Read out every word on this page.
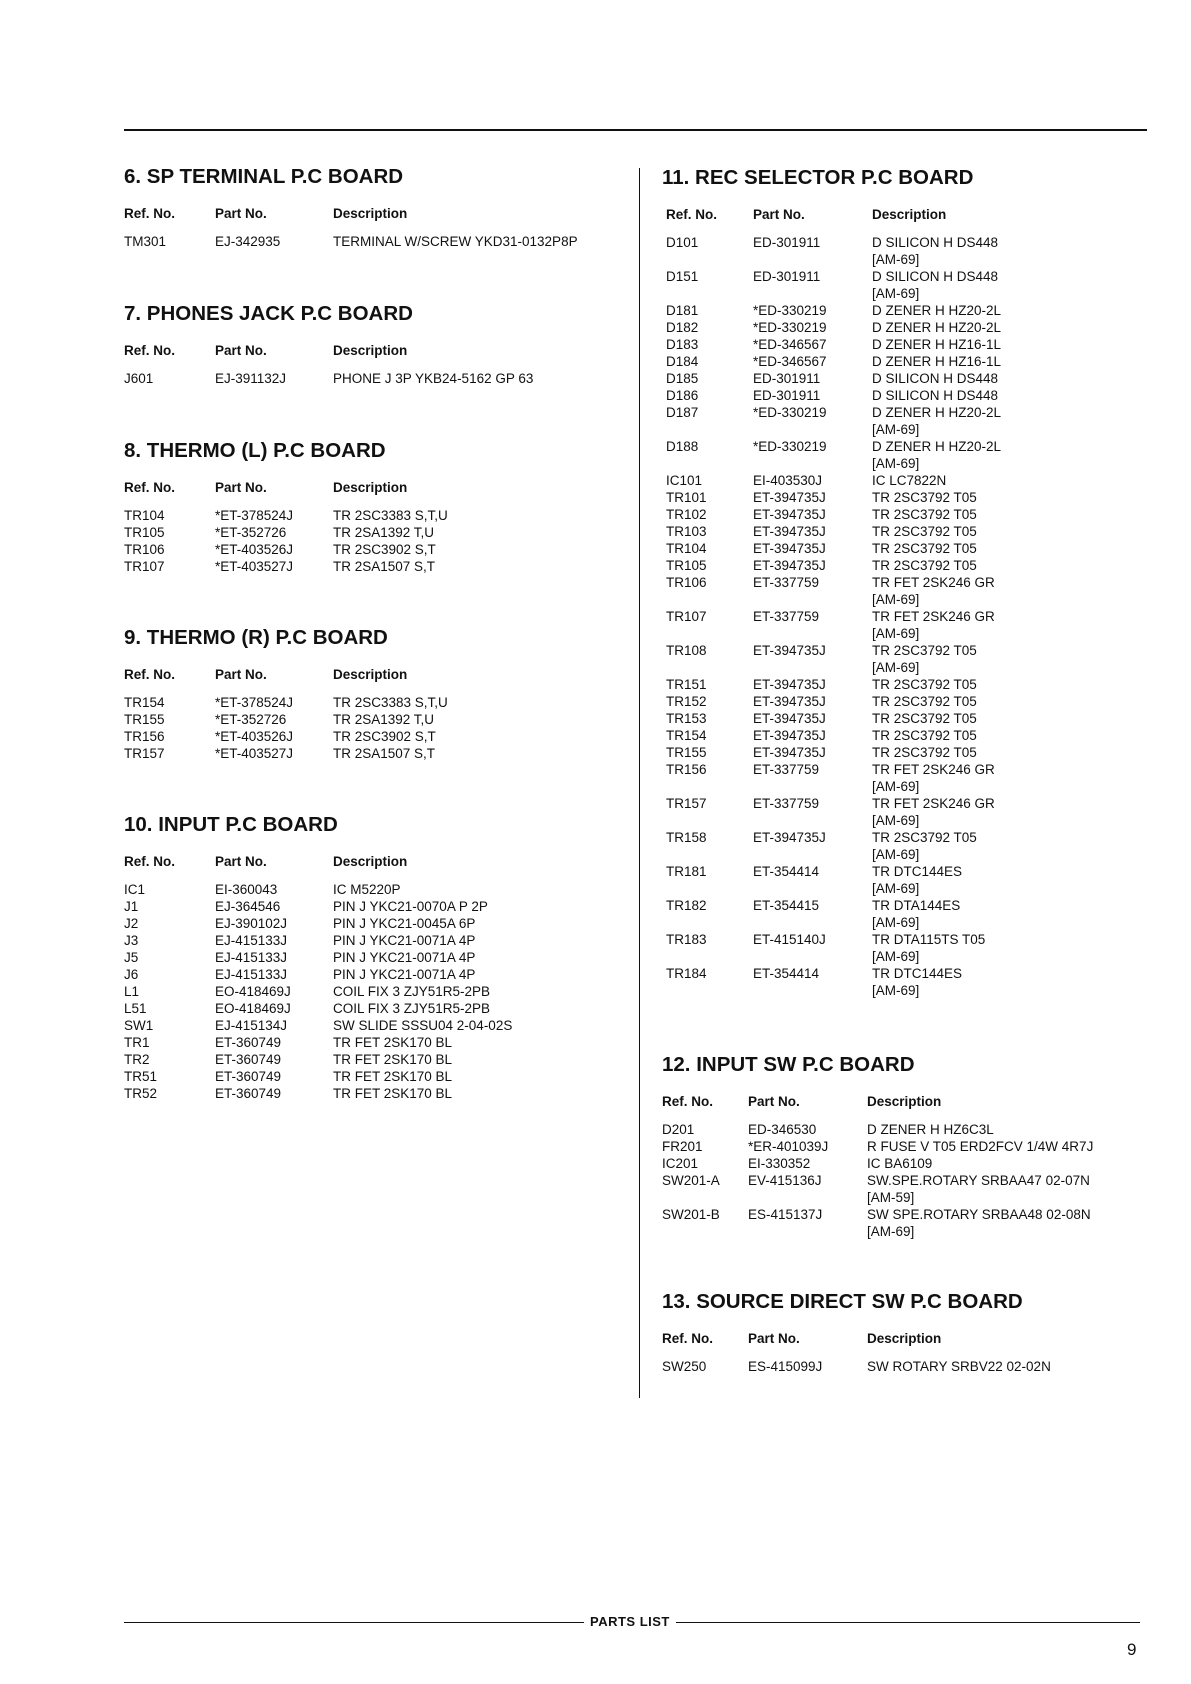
6. SP TERMINAL P.C BOARD
Ref. No.	Part No.	Description
TM301	EJ-342935	TERMINAL W/SCREW YKD31-0132P8P
7. PHONES JACK P.C BOARD
Ref. No.	Part No.	Description
J601	EJ-391132J	PHONE J 3P YKB24-5162 GP 63
8. THERMO (L) P.C BOARD
Ref. No.	Part No.	Description
TR104	*ET-378524J	TR 2SC3383 S,T,U
TR105	*ET-352726	TR 2SA1392 T,U
TR106	*ET-403526J	TR 2SC3902 S,T
TR107	*ET-403527J	TR 2SA1507 S,T
9. THERMO (R) P.C BOARD
Ref. No.	Part No.	Description
TR154	*ET-378524J	TR 2SC3383 S,T,U
TR155	*ET-352726	TR 2SA1392 T,U
TR156	*ET-403526J	TR 2SC3902 S,T
TR157	*ET-403527J	TR 2SA1507 S,T
10. INPUT P.C BOARD
Ref. No.	Part No.	Description
IC1	EI-360043	IC M5220P
J1	EJ-364546	PIN J YKC21-0070A P 2P
J2	EJ-390102J	PIN J YKC21-0045A 6P
J3	EJ-415133J	PIN J YKC21-0071A 4P
J5	EJ-415133J	PIN J YKC21-0071A 4P
J6	EJ-415133J	PIN J YKC21-0071A 4P
L1	EO-418469J	COIL FIX 3 ZJY51R5-2PB
L51	EO-418469J	COIL FIX 3 ZJY51R5-2PB
SW1	EJ-415134J	SW SLIDE SSSU04 2-04-02S
TR1	ET-360749	TR FET 2SK170 BL
TR2	ET-360749	TR FET 2SK170 BL
TR51	ET-360749	TR FET 2SK170 BL
TR52	ET-360749	TR FET 2SK170 BL
11. REC SELECTOR P.C BOARD
Ref. No.	Part No.	Description
D101	ED-301911	D SILICON H DS448
[AM-69]
D151	ED-301911	D SILICON H DS448
[AM-69]
D181	*ED-330219	D ZENER H HZ20-2L
D182	*ED-330219	D ZENER H HZ20-2L
D183	*ED-346567	D ZENER H HZ16-1L
D184	*ED-346567	D ZENER H HZ16-1L
D185	ED-301911	D SILICON H DS448
D186	ED-301911	D SILICON H DS448
D187	*ED-330219	D ZENER H HZ20-2L
[AM-69]
D188	*ED-330219	D ZENER H HZ20-2L
[AM-69]
IC101	EI-403530J	IC LC7822N
TR101	ET-394735J	TR 2SC3792 T05
TR102	ET-394735J	TR 2SC3792 T05
TR103	ET-394735J	TR 2SC3792 T05
TR104	ET-394735J	TR 2SC3792 T05
TR105	ET-394735J	TR 2SC3792 T05
TR106	ET-337759	TR FET 2SK246 GR
[AM-69]
TR107	ET-337759	TR FET 2SK246 GR
[AM-69]
TR108	ET-394735J	TR 2SC3792 T05
[AM-69]
TR151	ET-394735J	TR 2SC3792 T05
TR152	ET-394735J	TR 2SC3792 T05
TR153	ET-394735J	TR 2SC3792 T05
TR154	ET-394735J	TR 2SC3792 T05
TR155	ET-394735J	TR 2SC3792 T05
TR156	ET-337759	TR FET 2SK246 GR
[AM-69]
TR157	ET-337759	TR FET 2SK246 GR
[AM-69]
TR158	ET-394735J	TR 2SC3792 T05
[AM-69]
TR181	ET-354414	TR DTC144ES
[AM-69]
TR182	ET-354415	TR DTA144ES
[AM-69]
TR183	ET-415140J	TR DTA115TS T05
[AM-69]
TR184	ET-354414	TR DTC144ES
[AM-69]
12. INPUT SW P.C BOARD
Ref. No.	Part No.	Description
D201	ED-346530	D ZENER H HZ6C3L
FR201	*ER-401039J	R FUSE V T05 ERD2FCV 1/4W 4R7J
IC201	EI-330352	IC BA6109
SW201-A EV-415136J	SW.SPE.ROTARY SRBAA47 02-07N
[AM-59]
SW201-B ES-415137J	SW SPE.ROTARY SRBAA48 02-08N
[AM-69]
13. SOURCE DIRECT SW P.C BOARD
Ref. No.	Part No.	Description
SW250	ES-415099J	SW ROTARY SRBV22 02-02N
PARTS LIST
9
